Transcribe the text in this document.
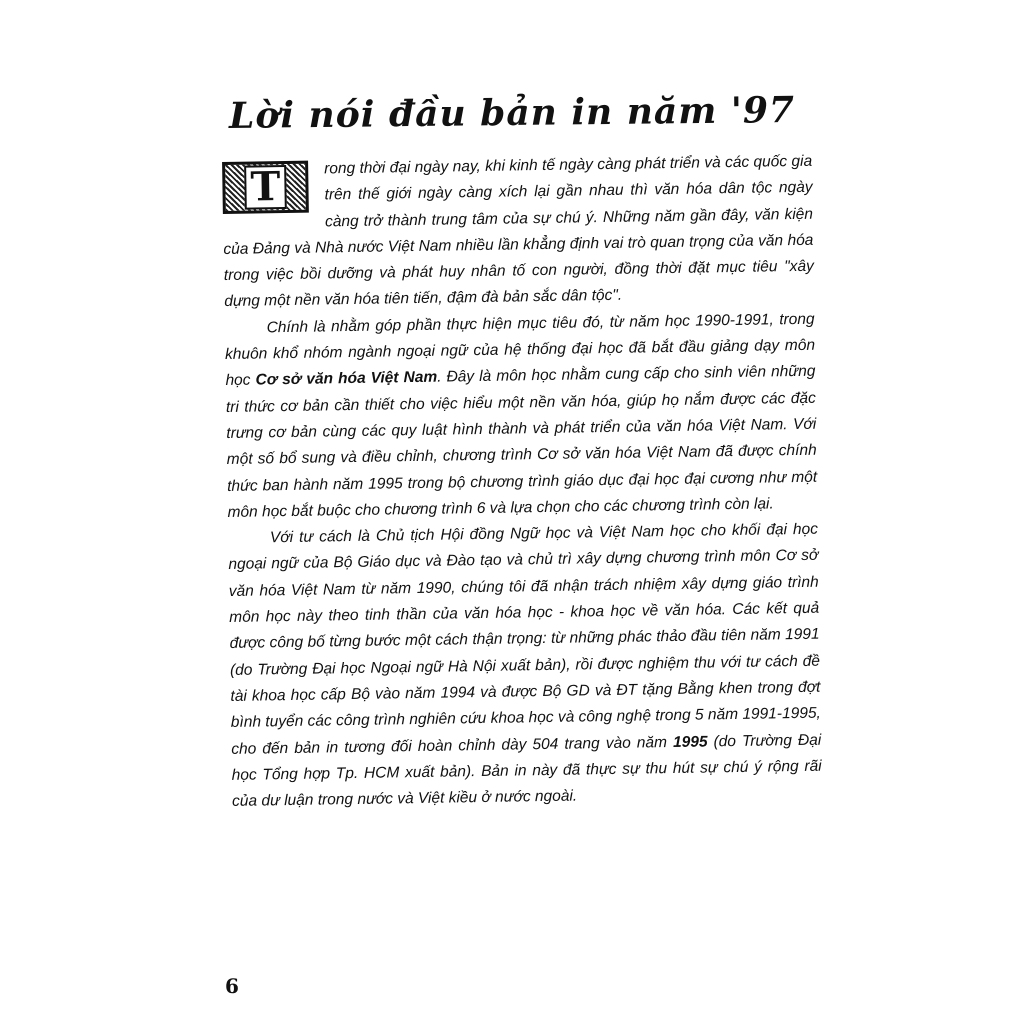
Lời nói đầu bản in năm '97

T	rong thời đại ngày nay, khi kinh tế ngày càng phát triển và các quốc gia trên thế giới ngày càng xích lại gần nhau thì văn hóa dân tộc ngày càng trở thành trung tâm của sự chú ý. Những năm gần đây, văn kiện của Đảng và Nhà nước Việt Nam nhiều lần khẳng định vai trò quan trọng của văn hóa trong việc bồi dưỡng và phát huy nhân tố con người, đồng thời đặt mục tiêu "xây dựng một nền văn hóa tiên tiến, đậm đà bản sắc dân tộc".

Chính là nhằm góp phần thực hiện mục tiêu đó, từ năm học 1990-1991, trong khuôn khổ nhóm ngành ngoại ngữ của hệ thống đại học đã bắt đầu giảng dạy môn học Cơ sở văn hóa Việt Nam. Đây là môn học nhằm cung cấp cho sinh viên những tri thức cơ bản cần thiết cho việc hiểu một nền văn hóa, giúp họ nắm được các đặc trưng cơ bản cùng các quy luật hình thành và phát triển của văn hóa Việt Nam. Với một số bổ sung và điều chỉnh, chương trình Cơ sở văn hóa Việt Nam đã được chính thức ban hành năm 1995 trong bộ chương trình giáo dục đại học đại cương như một môn học bắt buộc cho chương trình 6 và lựa chọn cho các chương trình còn lại.

Với tư cách là Chủ tịch Hội đồng Ngữ học và Việt Nam học cho khối đại học ngoại ngữ của Bộ Giáo dục và Đào tạo và chủ trì xây dựng chương trình môn Cơ sở văn hóa Việt Nam từ năm 1990, chúng tôi đã nhận trách nhiệm xây dựng giáo trình môn học này theo tinh thần của văn hóa học - khoa học về văn hóa. Các kết quả được công bố từng bước một cách thận trọng: từ những phác thảo đầu tiên năm 1991 (do Trường Đại học Ngoại ngữ Hà Nội xuất bản), rồi được nghiệm thu với tư cách đề tài khoa học cấp Bộ vào năm 1994 và được Bộ GD và ĐT tặng Bằng khen trong đợt bình tuyển các công trình nghiên cứu khoa học và công nghệ trong 5 năm 1991-1995, cho đến bản in tương đối hoàn chỉnh dày 504 trang vào năm 1995 (do Trường Đại học Tổng hợp Tp. HCM xuất bản). Bản in này đã thực sự thu hút sự chú ý rộng rãi của dư luận trong nước và Việt kiều ở nước ngoài.

6
